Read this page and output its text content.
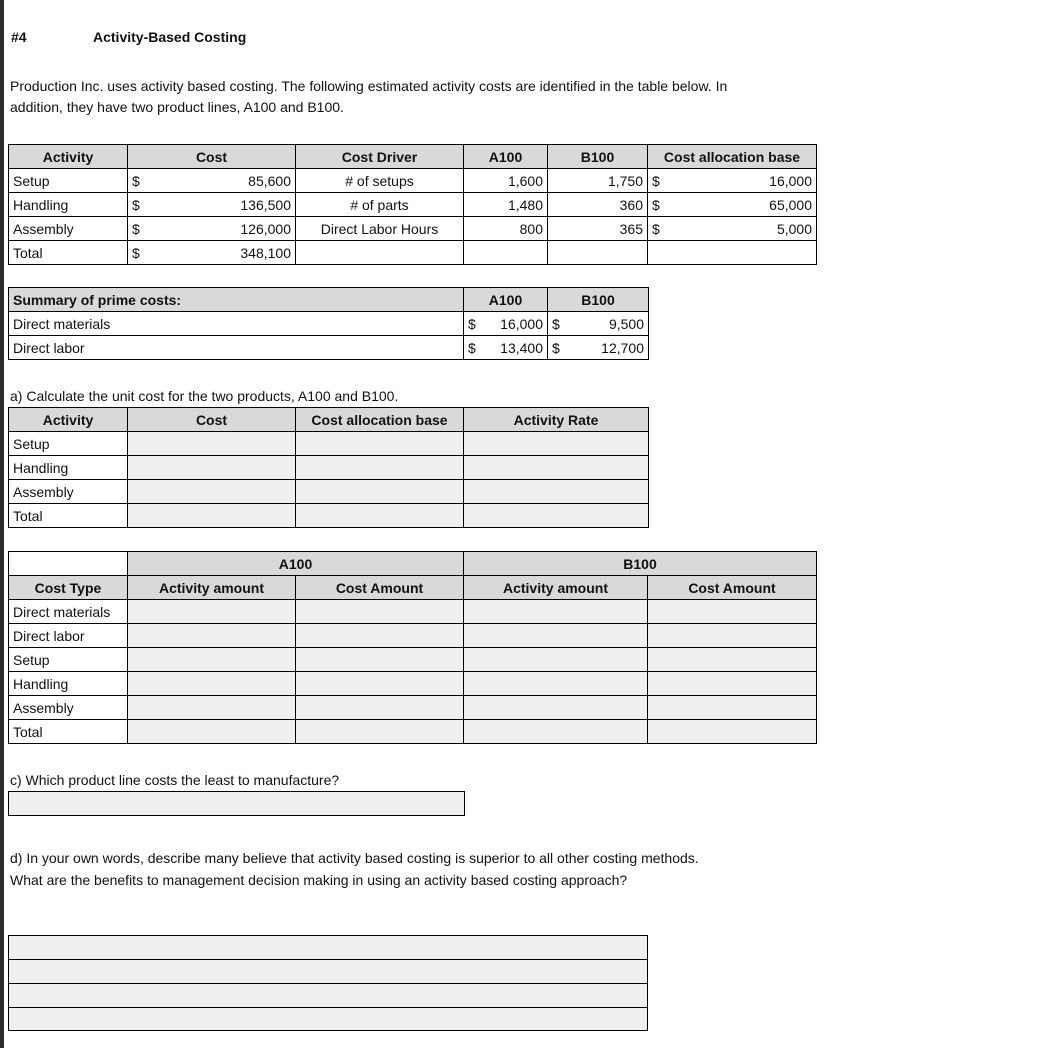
#4	Activity-Based Costing
Production Inc. uses activity based costing. The following estimated activity costs are identified in the table below. In addition, they have two product lines, A100 and B100.
Activity	Cost	Cost Driver	A100	B100	Cost allocation base
Setup	$ 85,600	# of setups	1,600	1,750	$ 16,000

Handling	$ 136,500	# of parts	1,480	360	$ 65,000

Assembly	$ 126,000	Direct Labor Hours	800	365	$ 5,000

Total	$ 348,100				

Summary of prime costs:	A100	B100
Direct materials	$ 16,000	$ 9,500

Direct labor	$ 13,400	$ 12,700
a) Calculate the unit cost for the two products, A100 and B100.
Activity	Cost	Cost allocation base	Activity Rate
Setup			
Handling			
Assembly			
Total			
	A100		B100	
Cost Type	Activity amount	Cost Amount	Activity amount	Cost Amount
Direct materials				
Direct labor				
Setup				
Handling				
Assembly				
Total				
c) Which product line costs the least to manufacture?
d) In your own words, describe many believe that activity based costing is superior to all other costing methods. What are the benefits to management decision making in using an activity based costing approach?
